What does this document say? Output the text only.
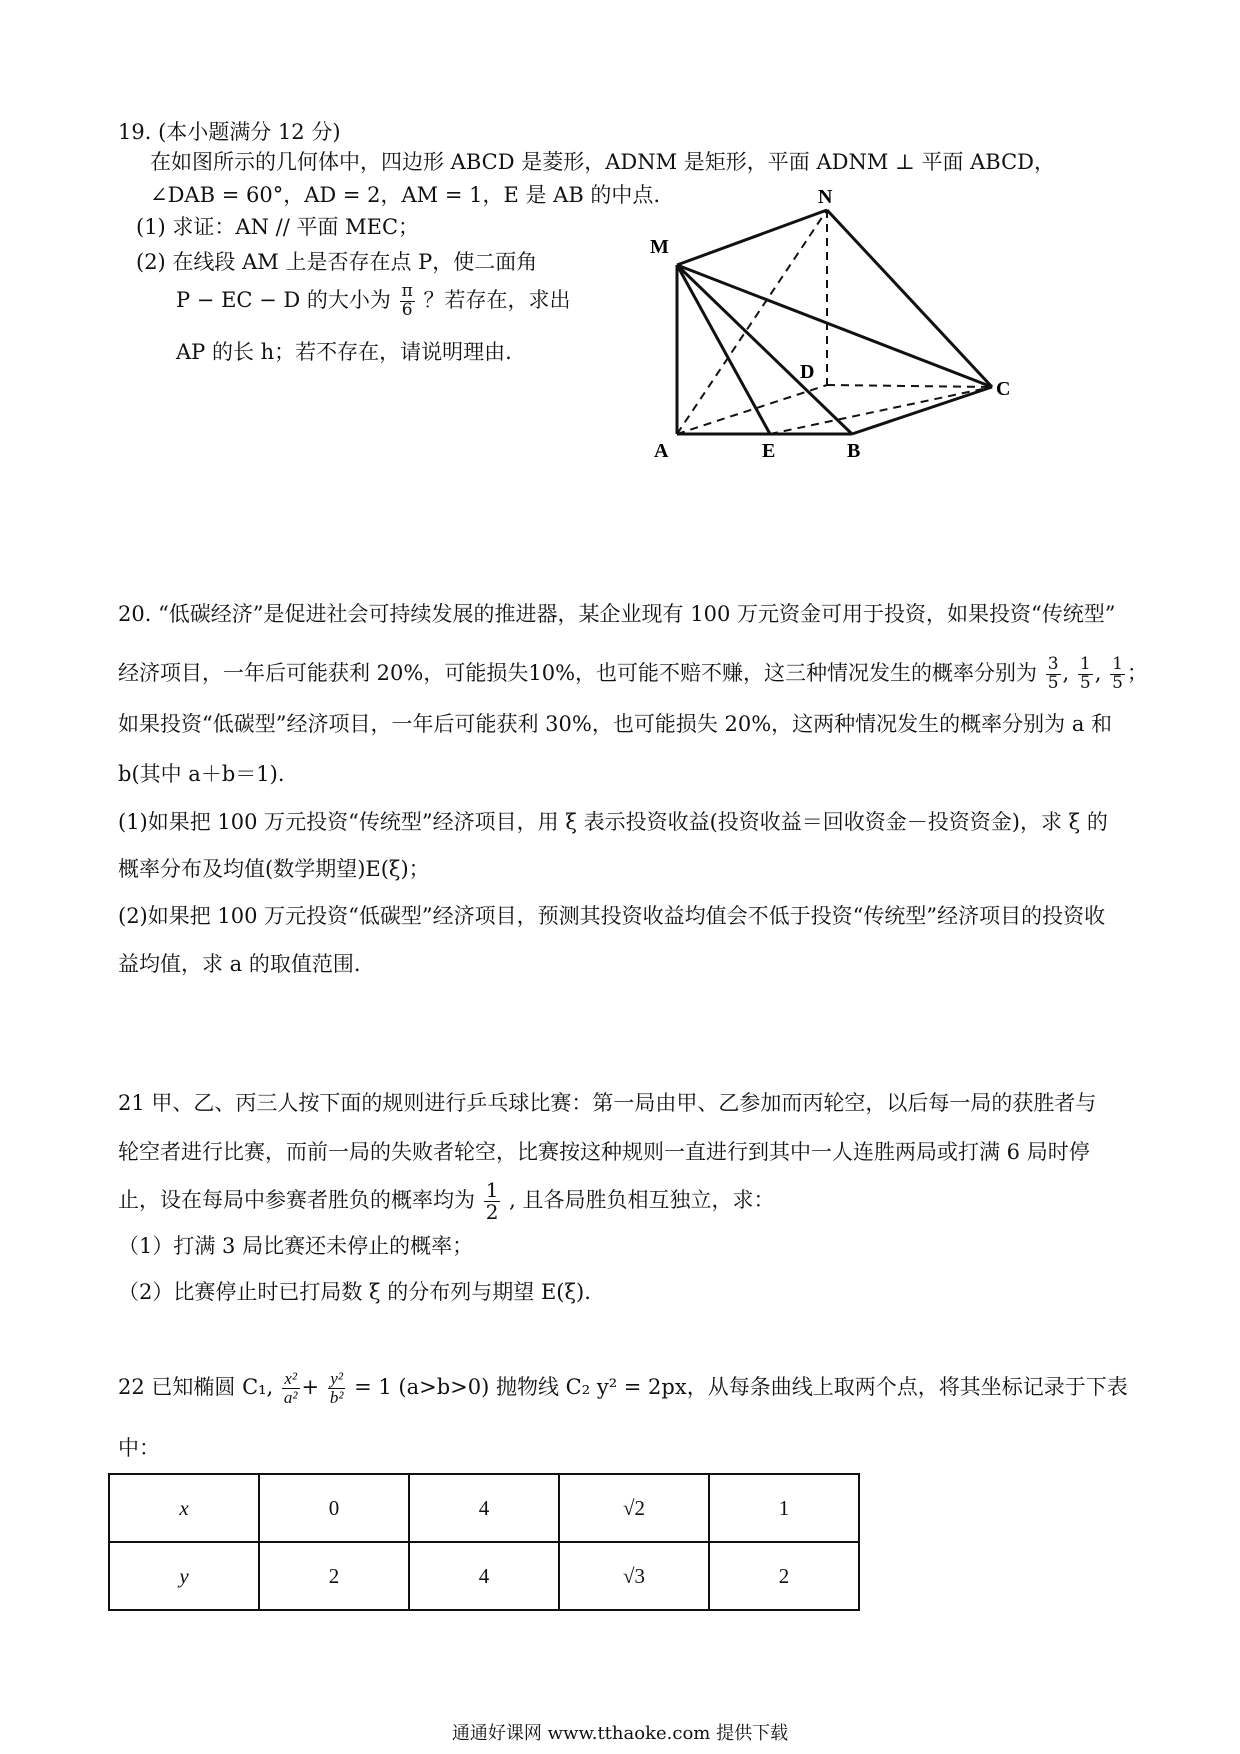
19. (本小题满分 12 分)
在如图所示的几何体中，四边形 ABCD 是菱形，ADNM 是矩形，平面 ADNM ⊥ 平面 ABCD，
∠DAB = 60°，AD = 2，AM = 1，E 是 AB 的中点.
(1) 求证：AN // 平面 MEC；
(2) 在线段 AM 上是否存在点 P，使二面角
P − EC − D 的大小为 $\frac{\pi}{6}$ ？若存在，求出
AP 的长 h；若不存在，请说明理由.
N
M
D
C
A	E	B
20. “低碳经济”是促进社会可持续发展的推进器，某企业现有 100 万元资金可用于投资，如果投资“传统型”
经济项目，一年后可能获利 20%，可能损失10%，也可能不赔不赚，这三种情况发生的概率分别为 $\frac{3}{5}$ , $\frac{1}{5}$ , $\frac{1}{5}$ ；
如果投资“低碳型”经济项目，一年后可能获利 30%，也可能损失 20%，这两种情况发生的概率分别为 a 和
b(其中 a＋b＝1).
(1)如果把 100 万元投资“传统型”经济项目，用 ξ 表示投资收益(投资收益＝回收资金－投资资金)，求 ξ 的
概率分布及均值(数学期望)E(ξ)；
(2)如果把 100 万元投资“低碳型”经济项目，预测其投资收益均值会不低于投资“传统型”经济项目的投资收
益均值，求 a 的取值范围.
21 甲、乙、丙三人按下面的规则进行乒乓球比赛：第一局由甲、乙参加而丙轮空，以后每一局的获胜者与
轮空者进行比赛，而前一局的失败者轮空，比赛按这种规则一直进行到其中一人连胜两局或打满 6 局时停
止，设在每局中参赛者胜负的概率均为 $\frac{1}{2}$ , 且各局胜负相互独立，求：
（1）打满 3 局比赛还未停止的概率；
（2）比赛停止时已打局数 ξ 的分布列与期望 E(ξ).
22 已知椭圆 C₁, $\frac{\text{x²}}{\text{a²}} + \frac{\text{y²}}{\text{b²}} = 1$ (a>b>0) 抛物线 C₂ y² = 2px，从每条曲线上取两个点，将其坐标记录于下表
中：
x	0	4	√2	1
y	2	4	√3	2
通通好课网 www.tthaoke.com 提供下载
